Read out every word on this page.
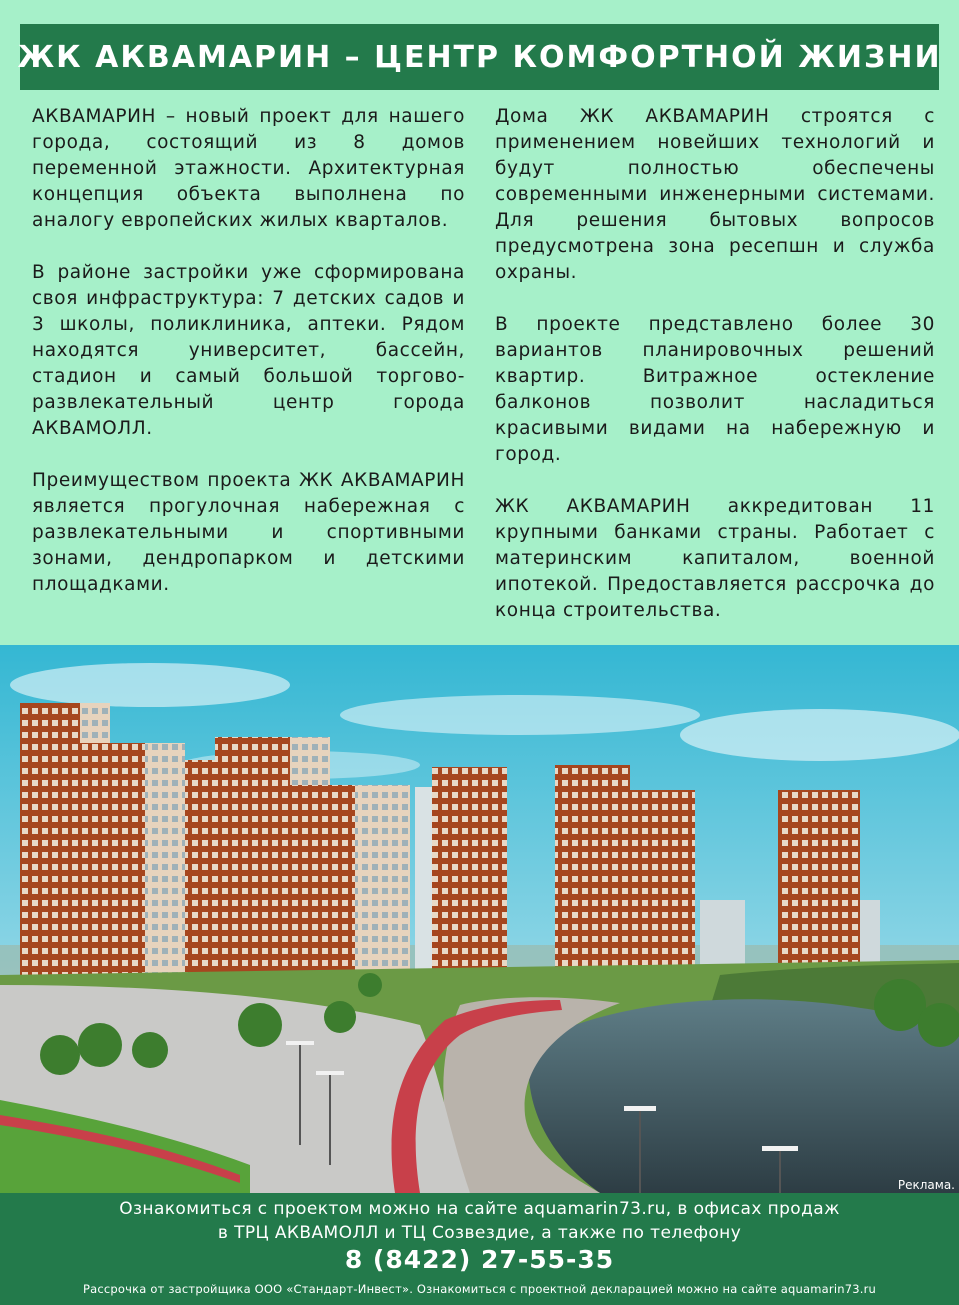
ЖК АКВАМАРИН – ЦЕНТР КОМФОРТНОЙ ЖИЗНИ

АКВАМАРИН – новый проект для нашего города, состоящий из 8 домов переменной этажности. Архитектурная концепция объекта выполнена по аналогу европейских жилых кварталов.

В районе застройки уже сформирована своя инфраструктура: 7 детских садов и 3 школы, поликлиника, аптеки. Рядом находятся университет, бассейн, стадион и самый большой торгово-развлекательный центр города АКВАМОЛЛ.

Преимуществом проекта ЖК АКВАМАРИН является прогулочная набережная с развлекательными и спортивными зонами, дендропарком и детскими площадками.

Дома ЖК АКВАМАРИН строятся с применением новейших технологий и будут полностью обеспечены современными инженерными системами. Для решения бытовых вопросов предусмотрена зона ресепшн и служба охраны.

В проекте представлено более 30 вариантов планировочных решений квартир. Витражное остекление балконов позволит насладиться красивыми видами на набережную и город.

ЖК АКВАМАРИН аккредитован 11 крупными банками страны. Работает с материнским капиталом, военной ипотекой. Предоставляется рассрочка до конца строительства.

Реклама.
Ознакомиться с проектом можно на сайте aquamarin73.ru, в офисах продаж
в ТРЦ АКВАМОЛЛ и ТЦ Созвездие, а также по телефону
8 (8422) 27-55-35
Рассрочка от застройщика ООО «Стандарт-Инвест». Ознакомиться с проектной декларацией можно на сайте aquamarin73.ru
